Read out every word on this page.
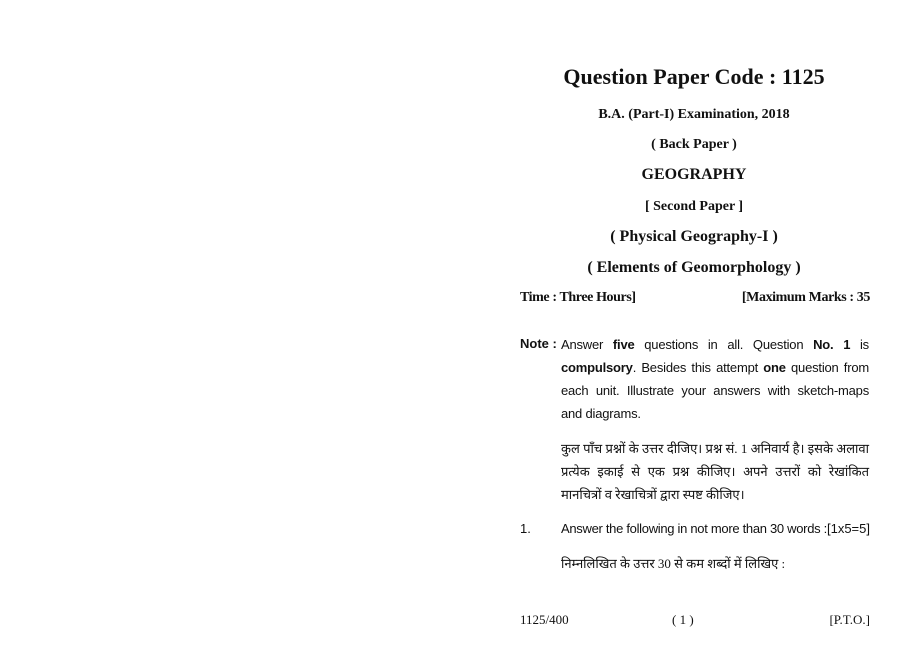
Question Paper Code : 1125
B.A. (Part-I) Examination, 2018
( Back Paper )
GEOGRAPHY
[ Second Paper ]
( Physical Geography-I )
( Elements of Geomorphology )
Time : Three Hours]	[Maximum Marks : 35
Note : Answer five questions in all. Question No. 1 is compulsory. Besides this attempt one question from each unit. Illustrate your answers with sketch-maps and diagrams.
कुल पाँच प्रश्नों के उत्तर दीजिए। प्रश्न सं. 1 अनिवार्य है। इसके अलावा प्रत्येक इकाई से एक प्रश्न कीजिए। अपने उत्तरों को रेखांकित मानचित्रों व रेखाचित्रों द्वारा स्पष्ट कीजिए।
1. Answer the following in not more than 30 words : [1x5=5]
निम्नलिखित के उत्तर 30 से कम शब्दों में लिखिए :
1125/400	( 1 )	[P.T.O.]
